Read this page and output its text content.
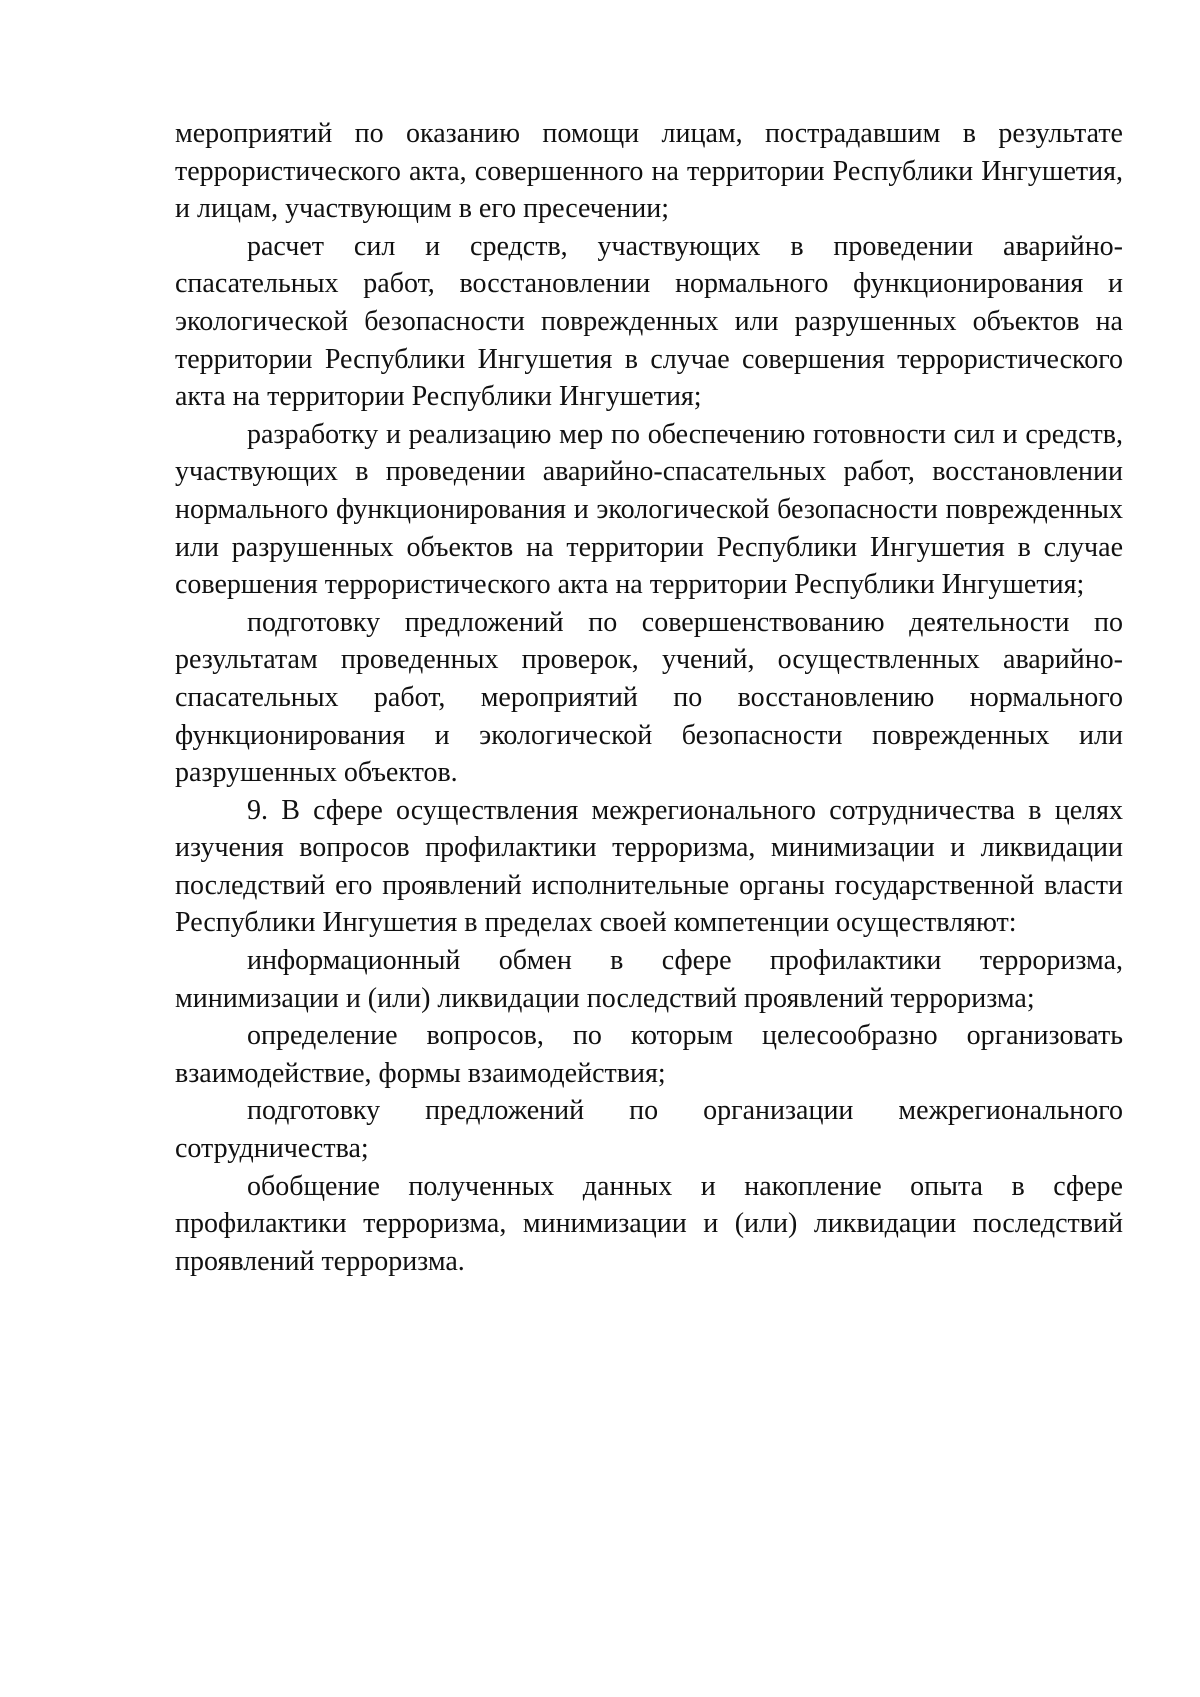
мероприятий по оказанию помощи лицам, пострадавшим в результате террористического акта, совершенного на территории Республики Ингушетия, и лицам, участвующим в его пресечении;

расчет сил и средств, участвующих в проведении аварийно-спасательных работ, восстановлении нормального функционирования и экологической безопасности поврежденных или разрушенных объектов на территории Республики Ингушетия в случае совершения террористического акта на территории Республики Ингушетия;

разработку и реализацию мер по обеспечению готовности сил и средств, участвующих в проведении аварийно-спасательных работ, восстановлении нормального функционирования и экологической безопасности поврежденных или разрушенных объектов на территории Республики Ингушетия в случае совершения террористического акта на территории Республики Ингушетия;

подготовку предложений по совершенствованию деятельности по результатам проведенных проверок, учений, осуществленных аварийно-спасательных работ, мероприятий по восстановлению нормального функционирования и экологической безопасности поврежденных или разрушенных объектов.

9. В сфере осуществления межрегионального сотрудничества в целях изучения вопросов профилактики терроризма, минимизации и ликвидации последствий его проявлений исполнительные органы государственной власти Республики Ингушетия в пределах своей компетенции осуществляют:

информационный обмен в сфере профилактики терроризма, минимизации и (или) ликвидации последствий проявлений терроризма;

определение вопросов, по которым целесообразно организовать взаимодействие, формы взаимодействия;

подготовку предложений по организации межрегионального сотрудничества;

обобщение полученных данных и накопление опыта в сфере профилактики терроризма, минимизации и (или) ликвидации последствий проявлений терроризма.
